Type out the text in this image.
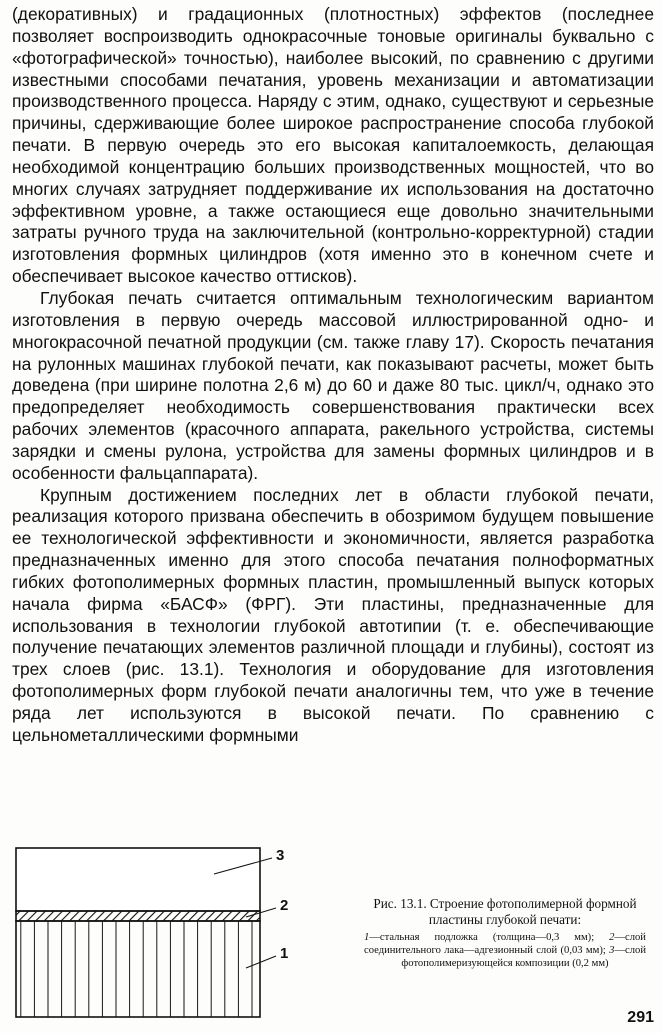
(декоративных) и градационных (плотностных) эффектов (последнее позволяет воспроизводить однокрасочные тоновые оригиналы буквально с «фотографической» точностью), наиболее высокий, по сравнению с другими известными способами печатания, уровень механизации и автоматизации производственного процесса. Наряду с этим, однако, существуют и серьезные причины, сдерживающие более широкое распространение способа глубокой печати. В первую очередь это его высокая капиталоемкость, делающая необходимой концентрацию больших производственных мощностей, что во многих случаях затрудняет поддерживание их использования на достаточно эффективном уровне, а также остающиеся еще довольно значительными затраты ручного труда на заключительной (контрольно-корректурной) стадии изготовления формных цилиндров (хотя именно это в конечном счете и обеспечивает высокое качество оттисков).

Глубокая печать считается оптимальным технологическим вариантом изготовления в первую очередь массовой иллюстрированной одно- и многокрасочной печатной продукции (см. также главу 17). Скорость печатания на рулонных машинах глубокой печати, как показывают расчеты, может быть доведена (при ширине полотна 2,6 м) до 60 и даже 80 тыс. цикл/ч, однако это предопределяет необходимость совершенствования практически всех рабочих элементов (красочного аппарата, ракельного устройства, системы зарядки и смены рулона, устройства для замены формных цилиндров и в особенности фальцаппарата).

Крупным достижением последних лет в области глубокой печати, реализация которого призвана обеспечить в обозримом будущем повышение ее технологической эффективности и экономичности, является разработка предназначенных именно для этого способа печатания полноформатных гибких фотополимерных формных пластин, промышленный выпуск которых начала фирма «БАСФ» (ФРГ). Эти пластины, предназначенные для использования в технологии глубокой автотипии (т. е. обеспечивающие получение печатающих элементов различной площади и глубины), состоят из трех слоев (рис. 13.1). Технология и оборудование для изготовления фотополимерных форм глубокой печати аналогичны тем, что уже в течение ряда лет используются в высокой печати. По сравнению с цельнометаллическими формными

3
2
1
Рис. 13.1. Строение фотополимерной формной пластины глубокой печати:
1—стальная подложка (толщина—0,3 мм); 2—слой соединительного лака—адгезионный слой (0,03 мм); 3—слой фотополимеризующейся композиции (0,2 мм)
291
